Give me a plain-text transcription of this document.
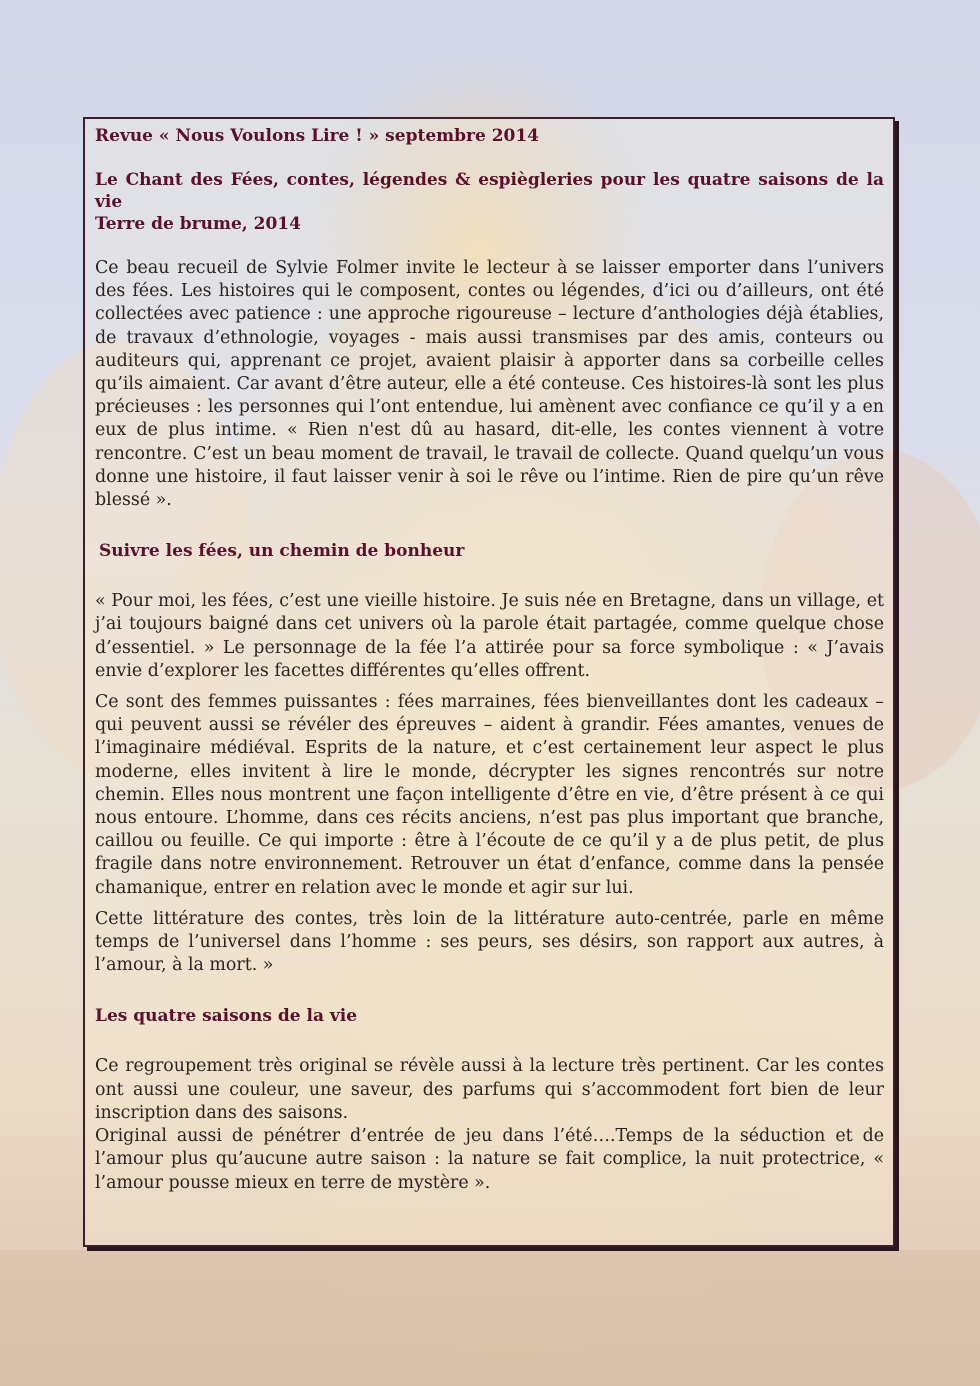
Revue « Nous Voulons Lire ! » septembre 2014

Le Chant des Fées, contes, légendes & espiègleries pour les quatre saisons de la vie

Terre de brume, 2014

Ce beau recueil de Sylvie Folmer invite le lecteur à se laisser emporter dans l’univers des fées. Les histoires qui le composent, contes ou légendes, d’ici ou d’ailleurs, ont été collectées avec patience : une approche rigoureuse – lecture d’anthologies déjà établies, de travaux d’ethnologie, voyages - mais aussi transmises par des amis, conteurs ou auditeurs qui, apprenant ce projet, avaient plaisir à apporter dans sa corbeille celles qu’ils aimaient. Car avant d’être auteur, elle a été conteuse. Ces histoires-là sont les plus précieuses : les personnes qui l’ont entendue, lui amènent avec confiance ce qu’il y a en eux de plus intime. « Rien n'est dû au hasard, dit-elle, les contes viennent à votre rencontre. C’est un beau moment de travail, le travail de collecte. Quand quelqu’un vous donne une histoire, il faut laisser venir à soi le rêve ou l’intime. Rien de pire qu’un rêve blessé ».

Suivre les fées, un chemin de bonheur

« Pour moi, les fées, c’est une vieille histoire. Je suis née en Bretagne, dans un village, et j’ai toujours baigné dans cet univers où la parole était partagée, comme quelque chose d’essentiel. » Le personnage de la fée l’a attirée pour sa force symbolique : « J’avais envie d’explorer les facettes différentes qu’elles offrent.

Ce sont des femmes puissantes : fées marraines, fées bienveillantes dont les cadeaux – qui peuvent aussi se révéler des épreuves – aident à grandir. Fées amantes, venues de l’imaginaire médiéval. Esprits de la nature, et c’est certainement leur aspect le plus moderne, elles invitent à lire le monde, décrypter les signes rencontrés sur notre chemin. Elles nous montrent une façon intelligente d’être en vie, d’être présent à ce qui nous entoure. L’homme, dans ces récits anciens, n’est pas plus important que branche, caillou ou feuille. Ce qui importe : être à l’écoute de ce qu’il y a de plus petit, de plus fragile dans notre environnement. Retrouver un état d’enfance, comme dans la pensée chamanique, entrer en relation avec le monde et agir sur lui.

Cette littérature des contes, très loin de la littérature auto-centrée, parle en même temps de l’universel dans l’homme : ses peurs, ses désirs, son rapport aux autres, à l’amour, à la mort. »

Les quatre saisons de la vie

Ce regroupement très original se révèle aussi à la lecture très pertinent. Car les contes ont aussi une couleur, une saveur, des parfums qui s’accommodent fort bien de leur inscription dans des saisons.

Original aussi de pénétrer d’entrée de jeu dans l’été….Temps de la séduction et de l’amour plus qu’aucune autre saison : la nature se fait complice, la nuit protectrice, « l’amour pousse mieux en terre de mystère ».
